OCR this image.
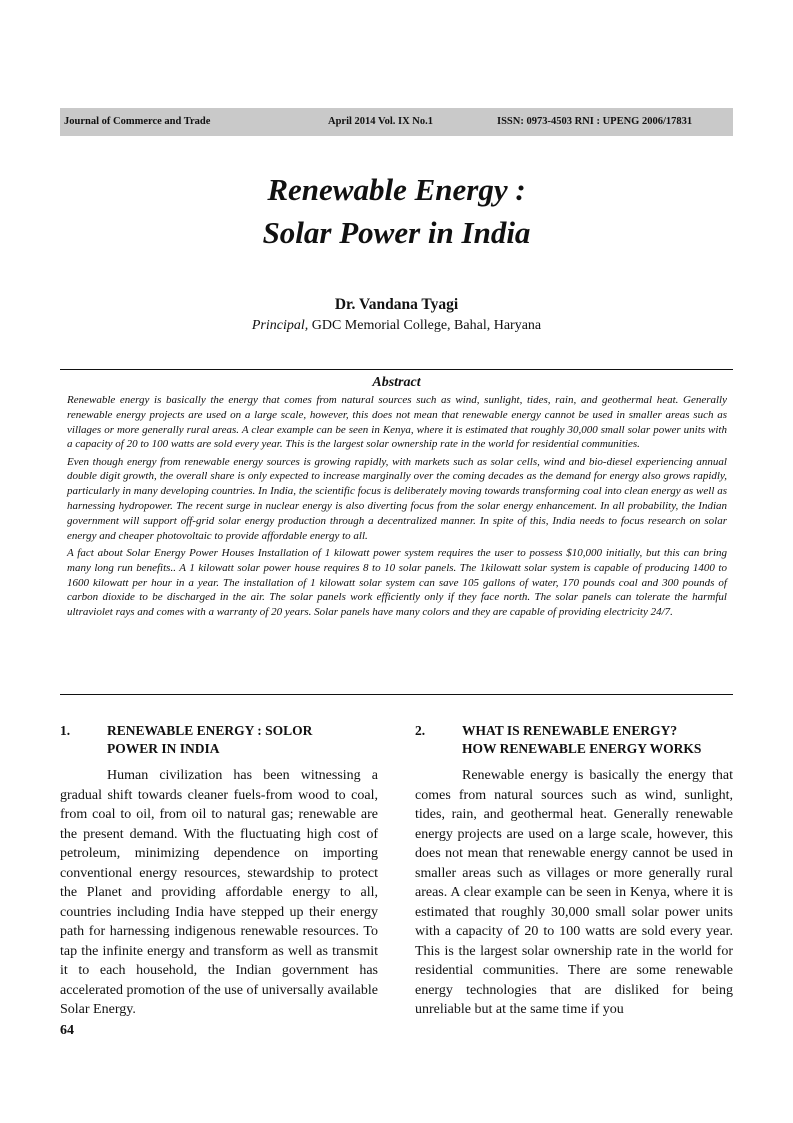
Journal of Commerce and Trade	April 2014 Vol. IX No.1	ISSN: 0973-4503 RNI : UPENG 2006/17831
Renewable Energy :
Solar Power in India
Dr. Vandana Tyagi
Principal, GDC Memorial College, Bahal, Haryana
Abstract

Renewable energy is basically the energy that comes from natural sources such as wind, sunlight, tides, rain, and geothermal heat. Generally renewable energy projects are used on a large scale, however, this does not mean that renewable energy cannot be used in smaller areas such as villages or more generally rural areas. A clear example can be seen in Kenya, where it is estimated that roughly 30,000 small solar power units with a capacity of 20 to 100 watts are sold every year. This is the largest solar ownership rate in the world for residential communities.

Even though energy from renewable energy sources is growing rapidly, with markets such as solar cells, wind and bio-diesel experiencing annual double digit growth, the overall share is only expected to increase marginally over the coming decades as the demand for energy also grows rapidly, particularly in many developing countries. In India, the scientific focus is deliberately moving towards transforming coal into clean energy as well as harnessing hydropower. The recent surge in nuclear energy is also diverting focus from the solar energy enhancement. In all probability, the Indian government will support off-grid solar energy production through a decentralized manner. In spite of this, India needs to focus research on solar energy and cheaper photovoltaic to provide affordable energy to all.

A fact about Solar Energy Power Houses Installation of 1 kilowatt power system requires the user to possess $10,000 initially, but this can bring many long run benefits.. A 1 kilowatt solar power house requires 8 to 10 solar panels. The 1kilowatt solar system is capable of producing 1400 to 1600 kilowatt per hour in a year. The installation of 1 kilowatt solar system can save 105 gallons of water, 170 pounds coal and 300 pounds of carbon dioxide to be discharged in the air. The solar panels work efficiently only if they face north. The solar panels can tolerate the harmful ultraviolet rays and comes with a warranty of 20 years. Solar panels have many colors and they are capable of providing electricity 24/7.

1.	RENEWABLE ENERGY : SOLOR
POWER IN INDIA

Human civilization has been witnessing a gradual shift towards cleaner fuels-from wood to coal, from coal to oil, from oil to natural gas; renewable are the present demand. With the fluctuating high cost of petroleum, minimizing dependence on importing conventional energy resources, stewardship to protect the Planet and providing affordable energy to all, countries including India have stepped up their energy path for harnessing indigenous renewable resources. To tap the infinite energy and transform as well as transmit it to each household, the Indian government has accelerated promotion of the use of universally available Solar Energy.

2.	WHAT IS RENEWABLE ENERGY?
HOW RENEWABLE ENERGY WORKS

Renewable energy is basically the energy that comes from natural sources such as wind, sunlight, tides, rain, and geothermal heat. Generally renewable energy projects are used on a large scale, however, this does not mean that renewable energy cannot be used in smaller areas such as villages or more generally rural areas. A clear example can be seen in Kenya, where it is estimated that roughly 30,000 small solar power units with a capacity of 20 to 100 watts are sold every year. This is the largest solar ownership rate in the world for residential communities. There are some renewable energy technologies that are disliked for being unreliable but at the same time if you

64
